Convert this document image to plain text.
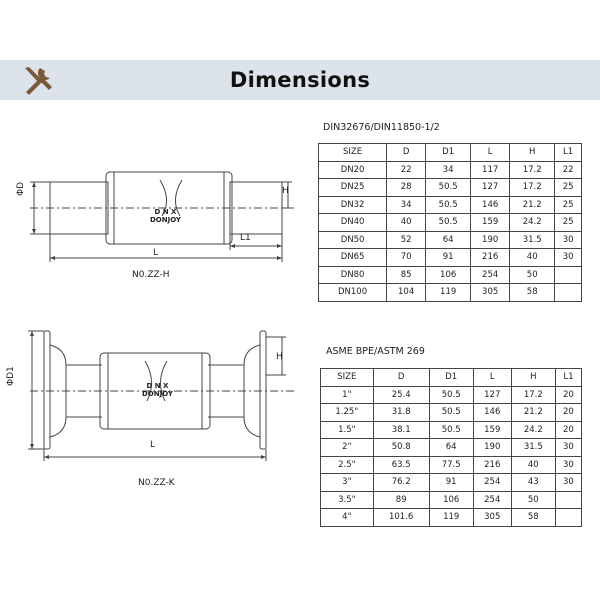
Dimensions
ΦD	H
L1
L
D N X
DONJOY
N0.ZZ-H
ΦD1
H
L
D N X
DONJOY
N0.ZZ-K
DIN32676/DIN11850-1/2
SIZE	D	D1	L	H	L1
DN20	22	34	117	17.2	22
DN25	28	50.5	127	17.2	25
DN32	34	50.5	146	21.2	25
DN40	40	50.5	159	24.2	25
DN50	52	64	190	31.5	30
DN65	70	91	216	40	30
DN80	85	106	254	50	
DN100	104	119	305	58	
ASME BPE/ASTM 269
SIZE	D	D1	L	H	L1
1"	25.4	50.5	127	17.2	20
1.25"	31.8	50.5	146	21.2	20
1.5"	38.1	50.5	159	24.2	20
2"	50.8	64	190	31.5	30
2.5"	63.5	77.5	216	40	30
3"	76.2	91	254	43	30
3.5"	89	106	254	50	
4"	101.6	119	305	58	
